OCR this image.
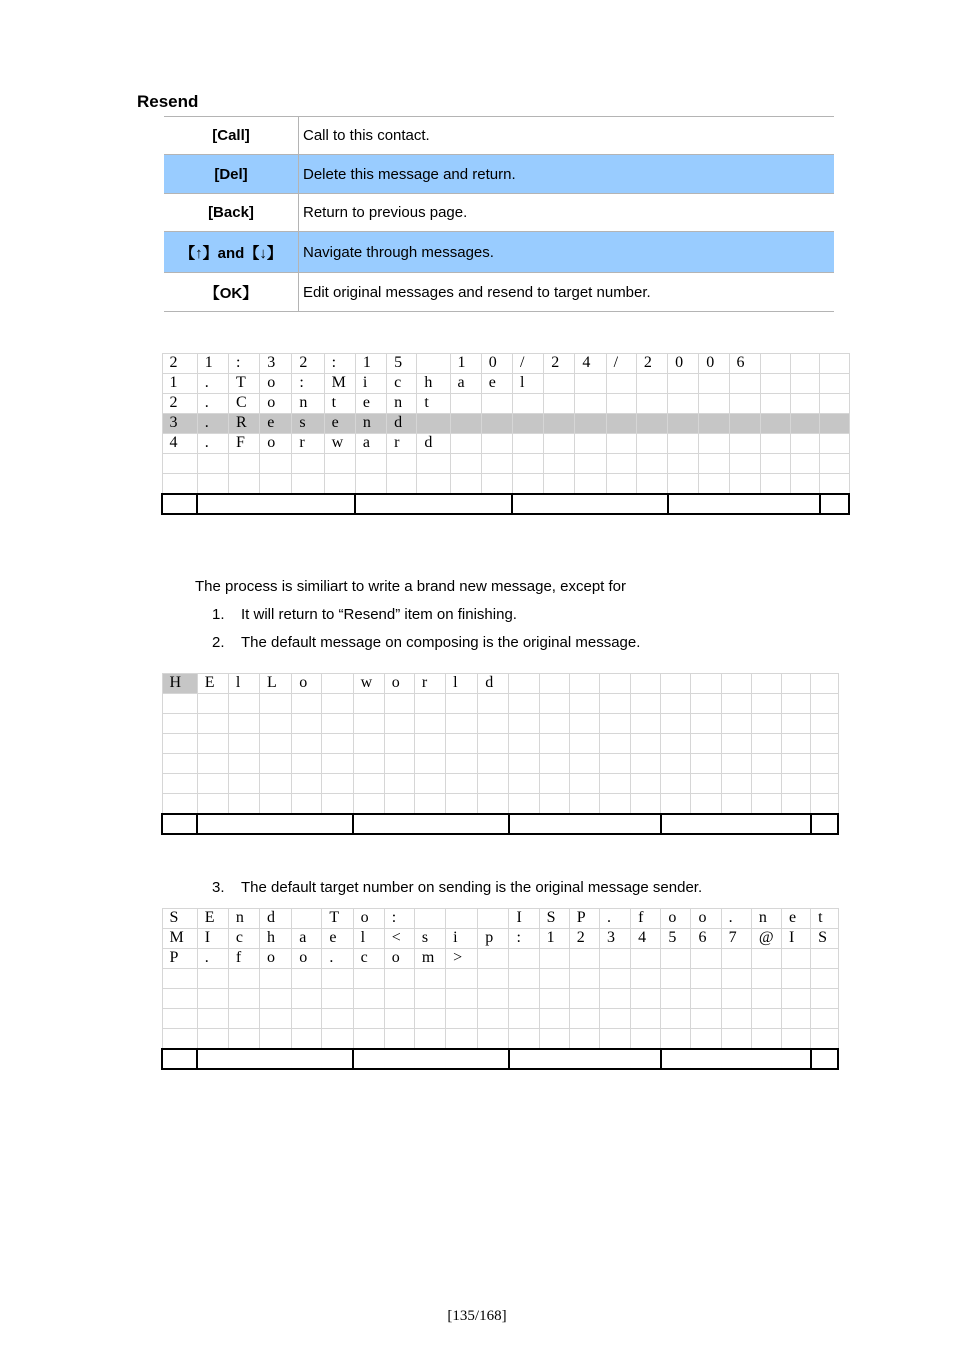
Resend
[Call]	Call to this contact.
[Del]	Delete this message and return.
[Back]	Return to previous page.
【↑】and【↓】	Navigate through messages.
【OK】	Edit original messages and resend to target number.
2	1	:	3	2	:	1	5		1	0	/	2	4	/	2	0	0	6			
1	.	T	o	:	M	i	c	h	a	e	l										
2	.	C	o	n	t	e	n	t													
3	.	R	e	s	e	n	d														
4	.	F	o	r	w	a	r	d													

The process is similiart to write a brand new message, except for
1. It will return to “Resend” item on finishing.
2. The default message on composing is the original message.
H	E	l	L	o		w	o	r	l	d											

3. The default target number on sending is the original message sender.
S	E	n	d		T	o	:				I	S	P	.	f	o	o	.	n	e	t
M	I	c	h	a	e	l	<	s	i	p	:	1	2	3	4	5	6	7	@	I	S
P	.	f	o	o	.	c	o	m	>												

[135/168]
